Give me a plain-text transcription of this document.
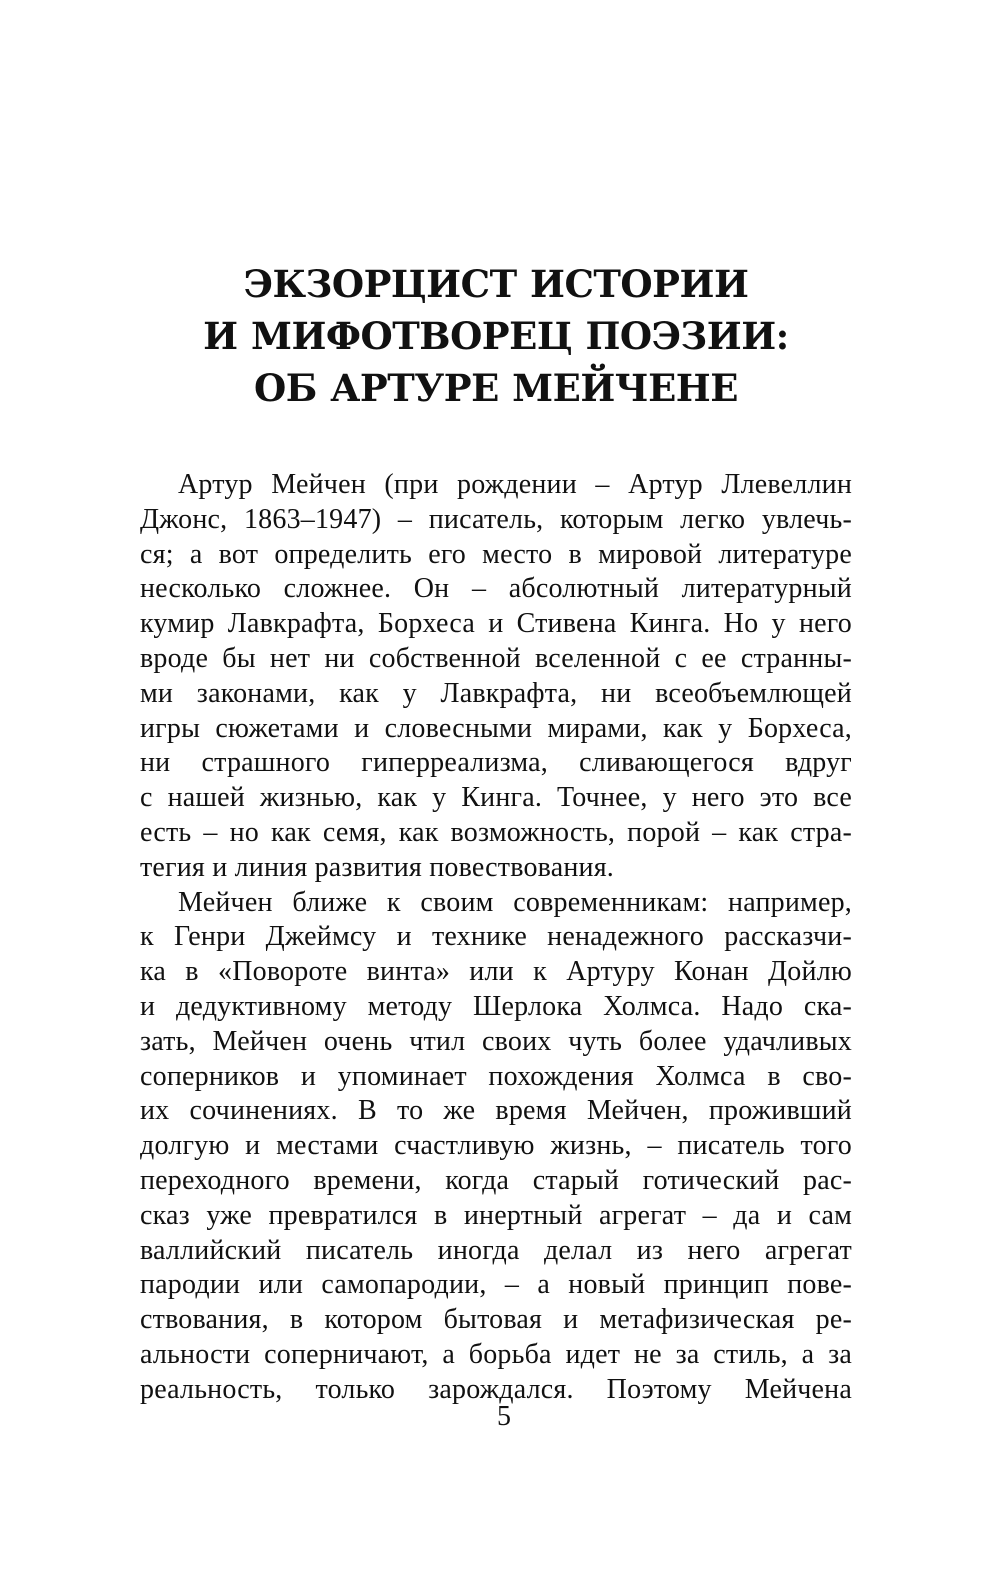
ЭКЗОРЦИСТ ИСТОРИИ
И МИФОТВОРЕЦ ПОЭЗИИ:
ОБ АРТУРЕ МЕЙЧЕНЕ
Артур Мейчен (при рождении – Артур Ллевеллин
Джонс, 1863–1947) – писатель, которым легко увлечь-
ся; а вот определить его место в мировой литературе
несколько сложнее. Он – абсолютный литературный
кумир Лавкрафта, Борхеса и Стивена Кинга. Но у него
вроде бы нет ни собственной вселенной с ее странны-
ми законами, как у Лавкрафта, ни всеобъемлющей
игры сюжетами и словесными мирами, как у Борхеса,
ни страшного гиперреализма, сливающегося вдруг
с нашей жизнью, как у Кинга. Точнее, у него это все
есть – но как семя, как возможность, порой – как стра-
тегия и линия развития повествования.
Мейчен ближе к своим современникам: например,
к Генри Джеймсу и технике ненадежного рассказчи-
ка в «Повороте винта» или к Артуру Конан Дойлю
и дедуктивному методу Шерлока Холмса. Надо ска-
зать, Мейчен очень чтил своих чуть более удачливых
соперников и упоминает похождения Холмса в сво-
их сочинениях. В то же время Мейчен, проживший
долгую и местами счастливую жизнь, – писатель того
переходного времени, когда старый готический рас-
сказ уже превратился в инертный агрегат – да и сам
валлийский писатель иногда делал из него агрегат
пародии или самопародии, – а новый принцип пове-
ствования, в котором бытовая и метафизическая ре-
альности соперничают, а борьба идет не за стиль, а за
реальность, только зарождался. Поэтому Мейчена
5
